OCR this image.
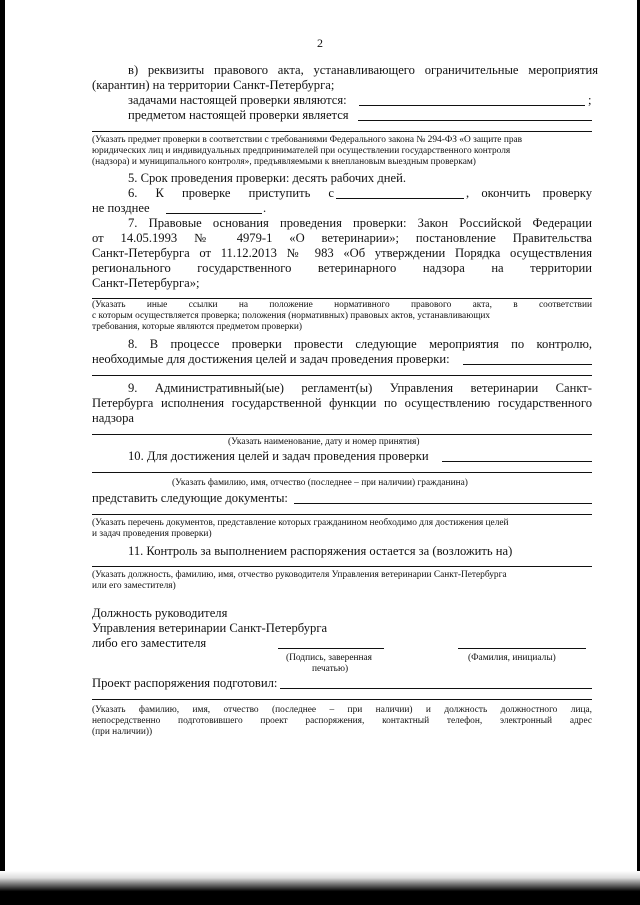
2
в) реквизиты правового акта, устанавливающего ограничительные мероприятия
(карантин) на территории Санкт-Петербурга;
задачами настоящей проверки являются:	;
предметом настоящей проверки является
(Указать предмет проверки в соответствии с требованиями Федерального закона № 294-ФЗ «О защите прав
юридических лиц и индивидуальных предпринимателей при осуществлении государственного контроля
(надзора) и муниципального контроля», предъявляемыми к внеплановым выездным проверкам)
5. Срок проведения проверки: десять рабочих дней.
6. К проверке приступить с	, окончить проверку
не позднее	.
7. Правовые основания проведения проверки: Закон Российской Федерации
от 14.05.1993 № 4979-1 «О ветеринарии»; постановление Правительства
Санкт-Петербурга от 11.12.2013 № 983 «Об утверждении Порядка осуществления
регионального государственного ветеринарного надзора на территории
Санкт-Петербурга»;
(Указать иные ссылки на положение нормативного правового акта, в соответствии
с которым осуществляется проверка; положения (нормативных) правовых актов, устанавливающих
требования, которые являются предметом проверки)
8. В процессе проверки провести следующие мероприятия по контролю,
необходимые для достижения целей и задач проведения проверки:
9. Административный(ые) регламент(ы) Управления ветеринарии Санкт-
Петербурга исполнения государственной функции по осуществлению государственного
надзора
(Указать наименование, дату и номер принятия)
10. Для достижения целей и задач проведения проверки
(Указать фамилию, имя, отчество (последнее – при наличии) гражданина)
представить следующие документы:
(Указать перечень документов, представление которых гражданином необходимо для достижения целей
и задач проведения проверки)
11. Контроль за выполнением распоряжения остается за (возложить на)
(Указать должность, фамилию, имя, отчество руководителя Управления ветеринарии Санкт-Петербурга
или его заместителя)
Должность руководителя
Управления ветеринарии Санкт-Петербурга
либо его заместителя
(Подпись, заверенная
печатью)
(Фамилия, инициалы)
Проект распоряжения подготовил:
(Указать фамилию, имя, отчество (последнее – при наличии) и должность должностного лица,
непосредственно подготовившего проект распоряжения, контактный телефон, электронный адрес
(при наличии))
